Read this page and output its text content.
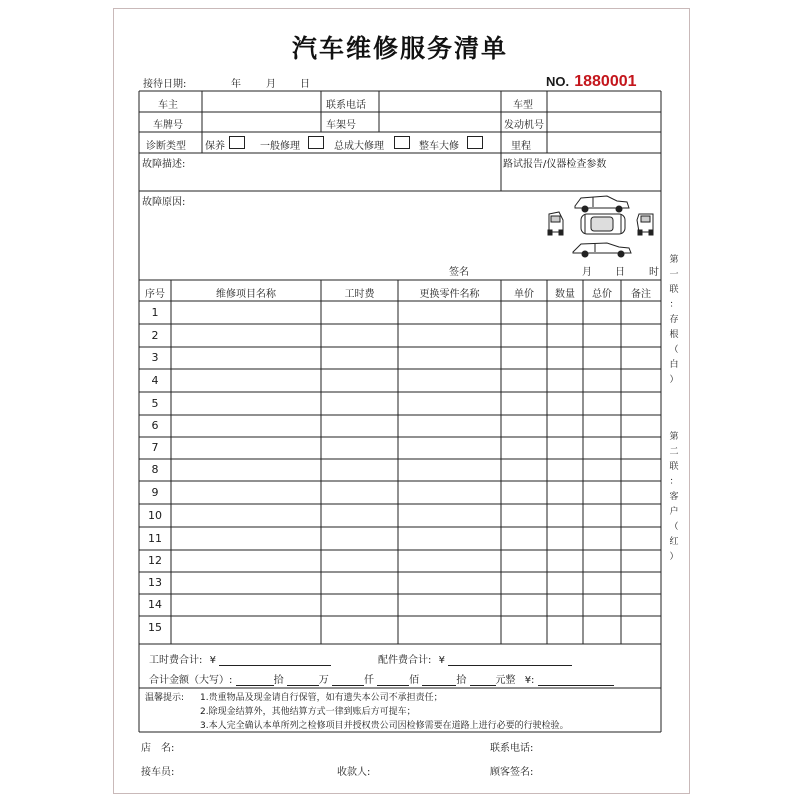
汽车维修服务清单
接待日期:	年	月 日	NO. 1880001
车主	联系电话	车型
车牌号	车架号	发动机号
诊断类型 保养	一般修理	总成大修理	整车大修	里程
故障描述:	路试报告/仪器检查参数
故障原因:
签名	月 日 时
序号	维修项目名称	工时费	更换零件名称	单价	数量	总价	备注
1
2
3
4
5
6
7
8
9
10
11
12
13
14
15
工时费合计: ¥	配件费合计: ¥
合计金额（大写）:	拾	万	仟	佰	拾	元整 ¥:
温馨提示: 1.贵重物品及现金请自行保管，如有遗失本公司不承担责任；
2.除现金结算外，其他结算方式一律到账后方可提车；
3.本人完全确认本单所列之检修项目并授权贵公司因检修需要在道路上进行必要的行驶检验。
店　名:	联系电话:
接车员:	收款人:	顾客签名:
第
一
联
：
存
根
（
白
）
第
二
联
：
客
户
（
红
）
